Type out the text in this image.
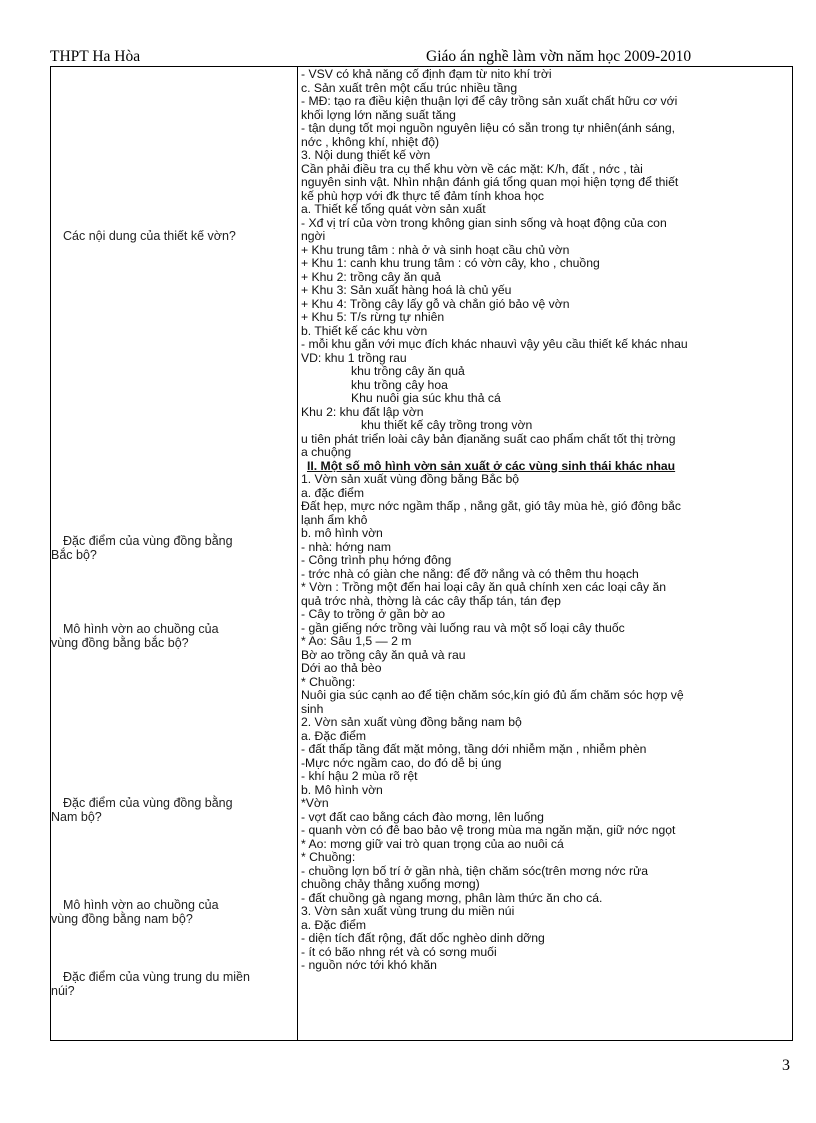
THPT Ha Hòa	Giáo án nghề làm vờn năm học 2009-2010
Các nội dung của thiết kế vờn?
Đặc điểm của vùng đồng bằng
Bắc bộ?
Mô hình vờn ao chuồng của
vùng đồng bằng bắc bộ?
Đặc điểm của vùng đồng bằng
Nam bộ?
Mô hình vờn ao chuồng của
vùng đồng bằng nam bộ?
Đặc điểm của vùng trung du miền
núi?
- VSV có khả năng cố định đạm từ nito khí trời
c. Sản xuất trên một cấu trúc nhiều tầng
- MĐ: tạo ra điều kiện thuận lợi để cây trồng sản xuất chất hữu cơ với
khối lợng lớn năng suất tăng
- tận dụng tốt mọi nguồn nguyên liệu có sẵn trong tự nhiên(ánh sáng,
nớc , không khí, nhiệt độ)
3. Nội dung thiết kế vờn
Cần phải điều tra cụ thể khu vờn về các mặt: K/h, đất , nớc , tài
nguyên sinh vật. Nhìn nhận đánh giá tổng quan mọi hiện tợng để thiết
kế phù hợp với đk thực tế đảm tính khoa học
a. Thiết kế tổng quát vờn sản xuất
- Xđ vị trí của vờn trong không gian sinh sống và hoạt động của con
ngời
+ Khu trung tâm : nhà ở và sinh hoạt cầu chủ vờn
+ Khu 1: canh khu trung tâm : có vờn cây, kho , chuồng
+ Khu 2: trồng cây ăn quả
+ Khu 3: Sản xuất hàng hoá là chủ yếu
+ Khu 4: Trồng cây lấy gỗ và chắn gió bảo vệ vờn
+ Khu 5: T/s rừng tự nhiên
b. Thiết kế các khu vờn
- mỗi khu gắn với mục đích khác nhauvì vậy yêu cầu thiết kế khác nhau
VD: khu 1 trồng rau
khu trồng cây ăn quả
khu trồng cây hoa
Khu nuôi gia súc khu thả cá
Khu 2: khu đất lập vờn
khu thiết kế cây trồng trong vờn
u tiên phát triển loài cây bản địanăng suất cao phẩm chất tốt thị trờng
a chuộng
II. Một số mô hình vờn sản xuất ở các vùng sinh thái khác nhau
1. Vờn sản xuất vùng đồng bằng Bắc bộ
a. đặc điểm
Đất hẹp, mực nớc ngầm thấp , nắng gắt, gió tây mùa hè, gió đông bắc
lạnh ẩm khô
b. mô hình vờn
- nhà: hớng nam
- Công trình phụ hớng đông
- trớc nhà có giàn che nắng: để đỡ nắng và có thêm thu hoạch
* Vờn : Trồng một đến hai loại cây ăn quả chính xen các loại cây ăn
quả trớc nhà, thờng là các cây thấp tán, tán đẹp
- Cây to trồng ở gần bờ ao
- gần giếng nớc trồng vài luống rau và một số loại cây thuốc
* Ao: Sâu 1,5 — 2 m
Bờ ao trồng cây ăn quả và rau
Dới ao thả bèo
* Chuồng:
Nuôi gia súc cạnh ao để tiện chăm sóc,kín gió đủ ấm chăm sóc hợp vệ
sinh
2. Vờn sản xuất vùng đồng bằng nam bộ
a. Đặc điểm
- đất thấp tầng đất mặt mỏng, tầng dới nhiễm mặn , nhiễm phèn
-Mực nớc ngầm cao, do đó dễ bị úng
- khí hậu 2 mùa rõ rệt
b. Mô hình vờn
*Vờn
- vợt đất cao bằng cách đào mơng, lên luống
- quanh vờn có đê bao bảo vệ trong mùa ma ngăn mặn, giữ nớc ngọt
* Ao: mơng giữ vai trò quan trọng của ao nuôi cá
* Chuồng:
- chuồng lợn bố trí ở gần nhà, tiện chăm sóc(trên mơng nớc rửa
chuồng chảy thẳng xuống mơng)
- đất chuồng gà ngang mơng, phân làm thức ăn cho cá.
3. Vờn sản xuất vùng trung du miền núi
a. Đặc điểm
- diện tích đất rộng, đất dốc nghèo dinh dỡng
- ít có bão nhng rét và có sơng muối
- nguồn nớc tới khó khăn
3
